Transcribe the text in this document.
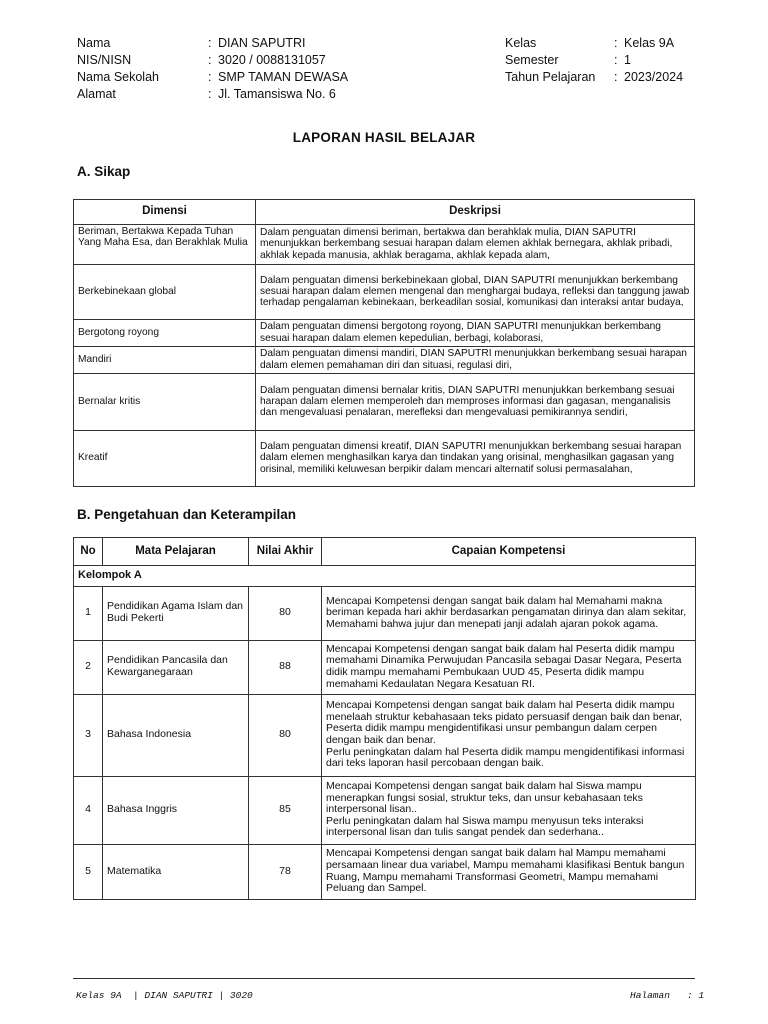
Nama	: DIAN SAPUTRI
NIS/NISN	: 3020 / 0088131057
Nama Sekolah	: SMP TAMAN DEWASA
Alamat	: Jl. Tamansiswa No. 6
Kelas	: Kelas 9A
Semester	: 1
Tahun Pelajaran	: 2023/2024
LAPORAN HASIL BELAJAR
A. Sikap
Dimensi	Deskripsi
Beriman, Bertakwa Kepada Tuhan Yang Maha Esa, dan Berakhlak Mulia	Dalam penguatan dimensi beriman, bertakwa dan berahklak mulia, DIAN SAPUTRI menunjukkan berkembang sesuai harapan dalam elemen akhlak bernegara, akhlak pribadi, akhlak kepada manusia, akhlak beragama, akhlak kepada alam,
Berkebinekaan global	Dalam penguatan dimensi berkebinekaan global, DIAN SAPUTRI menunjukkan berkembang sesuai harapan dalam elemen mengenal dan menghargai budaya, refleksi dan tanggung jawab terhadap pengalaman kebinekaan, berkeadilan sosial, komunikasi dan interaksi antar budaya,
Bergotong royong	Dalam penguatan dimensi bergotong royong, DIAN SAPUTRI menunjukkan berkembang sesuai harapan dalam elemen kepedulian, berbagi, kolaborasi,
Mandiri	Dalam penguatan dimensi mandiri, DIAN SAPUTRI menunjukkan berkembang sesuai harapan dalam elemen pemahaman diri dan situasi, regulasi diri,
Bernalar kritis	Dalam penguatan dimensi bernalar kritis, DIAN SAPUTRI menunjukkan berkembang sesuai harapan dalam elemen memperoleh dan memproses informasi dan gagasan, menganalisis dan mengevaluasi penalaran, merefleksi dan mengevaluasi pemikirannya sendiri,
Kreatif	Dalam penguatan dimensi kreatif, DIAN SAPUTRI menunjukkan berkembang sesuai harapan dalam elemen menghasilkan karya dan tindakan yang orisinal, menghasilkan gagasan yang orisinal, memiliki keluwesan berpikir dalam mencari alternatif solusi permasalahan,
B. Pengetahuan dan Keterampilan
No	Mata Pelajaran	Nilai Akhir	Capaian Kompetensi
Kelompok A			
1	Pendidikan Agama Islam dan Budi Pekerti	80	Mencapai Kompetensi dengan sangat baik dalam hal Memahami makna beriman kepada hari akhir berdasarkan pengamatan dirinya dan alam sekitar, Memahami bahwa jujur dan menepati janji adalah ajaran pokok agama.
2	Pendidikan Pancasila dan Kewarganegaraan	88	Mencapai Kompetensi dengan sangat baik dalam hal Peserta didik mampu memahami Dinamika Perwujudan Pancasila sebagai Dasar Negara, Peserta didik mampu memahami Pembukaan UUD 45, Peserta didik mampu memahami Kedaulatan Negara Kesatuan RI.
3	Bahasa Indonesia	80	Mencapai Kompetensi dengan sangat baik dalam hal Peserta didik mampu menelaah struktur kebahasaan teks pidato persuasif dengan baik dan benar, Peserta didik mampu mengidentifikasi unsur pembangun dalam cerpen dengan baik dan benar.
Perlu peningkatan dalam hal Peserta didik mampu mengidentifikasi informasi dari teks laporan hasil percobaan dengan baik.

4	Bahasa Inggris	85	Mencapai Kompetensi dengan sangat baik dalam hal Siswa mampu menerapkan fungsi sosial, struktur teks, dan unsur kebahasaan teks interpersonal lisan..
Perlu peningkatan dalam hal Siswa mampu menyusun teks interaksi interpersonal lisan dan tulis sangat pendek dan sederhana..

5	Matematika	78	Mencapai Kompetensi dengan sangat baik dalam hal Mampu memahami persamaan linear dua variabel, Mampu memahami klasifikasi Bentuk bangun Ruang, Mampu memahami Transformasi Geometri, Mampu memahami Peluang dan Sampel.
Kelas 9A  | DIAN SAPUTRI | 3020	Halaman   : 1
